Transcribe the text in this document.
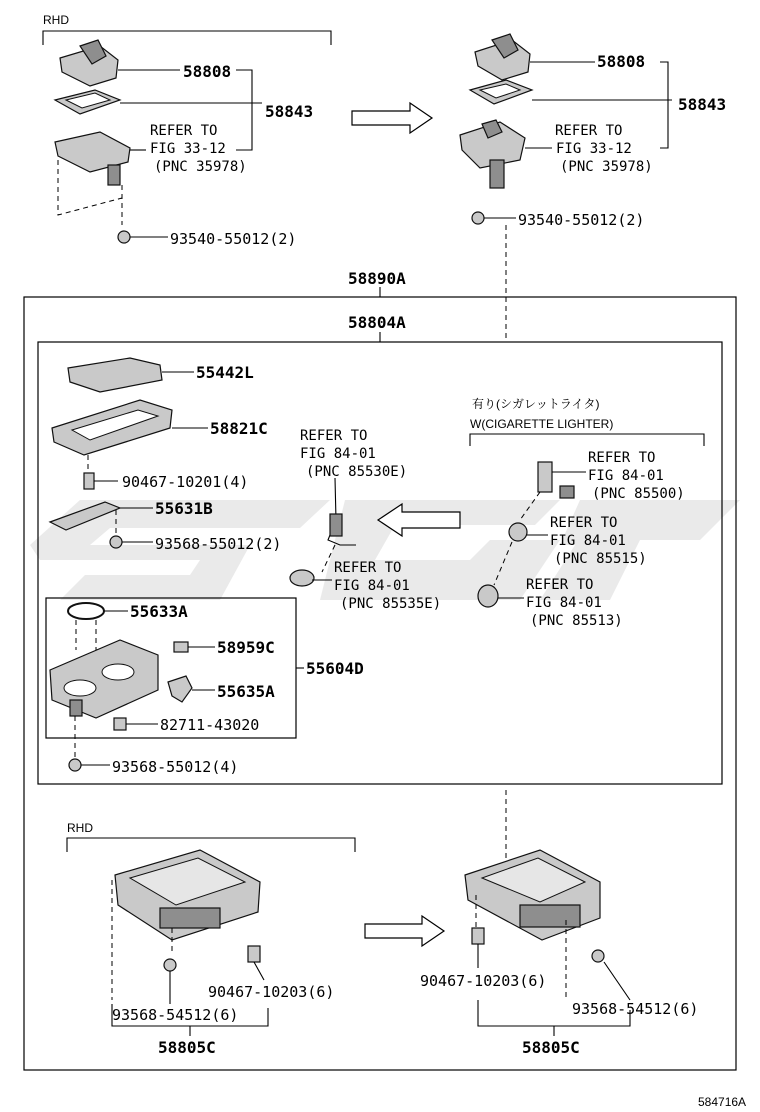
RHD
58808
58843
REFER TO
FIG 33-12
(PNC 35978)
93540-55012(2)
58808
58843
REFER TO
FIG 33-12
(PNC 35978)
93540-55012(2)
58890A
58804A
55442L
58821C
90467-10201(4)
55631B
93568-55012(2)
55604D
55633A
58959C
55635A
82711-43020
93568-55012(4)
REFER TO
FIG 84-01
(PNC 85530E)
REFER TO
FIG 84-01
(PNC 85535E)
有り(シガレットライタ)
W(CIGARETTE LIGHTER)
REFER TO
FIG 84-01
(PNC 85500)
REFER TO
FIG 84-01
(PNC 85515)
REFER TO
FIG 84-01
(PNC 85513)
RHD
90467-10203(6)
93568-54512(6)
58805C
90467-10203(6)
93568-54512(6)
58805C
584716A
